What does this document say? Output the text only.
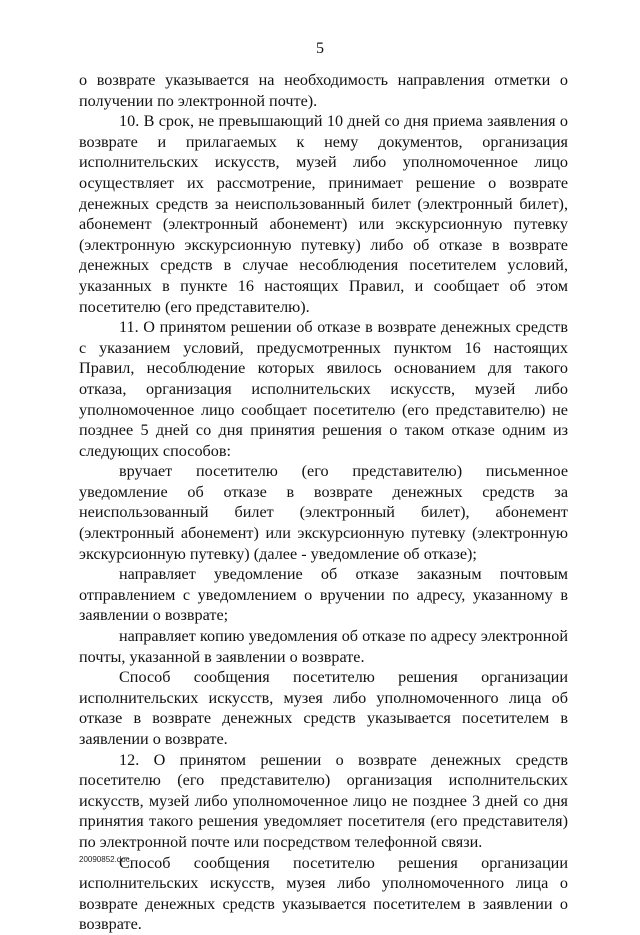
5

о возврате указывается на необходимость направления отметки о получении по электронной почте).

10. В срок, не превышающий 10 дней со дня приема заявления о возврате и прилагаемых к нему документов, организация исполнительских искусств, музей либо уполномоченное лицо осуществляет их рассмотрение, принимает решение о возврате денежных средств за неиспользованный билет (электронный билет), абонемент (электронный абонемент) или экскурсионную путевку (электронную экскурсионную путевку) либо об отказе в возврате денежных средств в случае несоблюдения посетителем условий, указанных в пункте 16 настоящих Правил, и сообщает об этом посетителю (его представителю).

11. О принятом решении об отказе в возврате денежных средств с указанием условий, предусмотренных пунктом 16 настоящих Правил, несоблюдение которых явилось основанием для такого отказа, организация исполнительских искусств, музей либо уполномоченное лицо сообщает посетителю (его представителю) не позднее 5 дней со дня принятия решения о таком отказе одним из следующих способов:

вручает посетителю (его представителю) письменное уведомление об отказе в возврате денежных средств за неиспользованный билет (электронный билет), абонемент (электронный абонемент) или экскурсионную путевку (электронную экскурсионную путевку) (далее - уведомление об отказе);

направляет уведомление об отказе заказным почтовым отправлением с уведомлением о вручении по адресу, указанному в заявлении о возврате;

направляет копию уведомления об отказе по адресу электронной почты, указанной в заявлении о возврате.

Способ сообщения посетителю решения организации исполнительских искусств, музея либо уполномоченного лица об отказе в возврате денежных средств указывается посетителем в заявлении о возврате.

12. О принятом решении о возврате денежных средств посетителю (его представителю) организация исполнительских искусств, музей либо уполномоченное лицо не позднее 3 дней со дня принятия такого решения уведомляет посетителя (его представителя) по электронной почте или посредством телефонной связи.

Способ сообщения посетителю решения организации исполнительских искусств, музея либо уполномоченного лица о возврате денежных средств указывается посетителем в заявлении о возврате.

20090852.doc
